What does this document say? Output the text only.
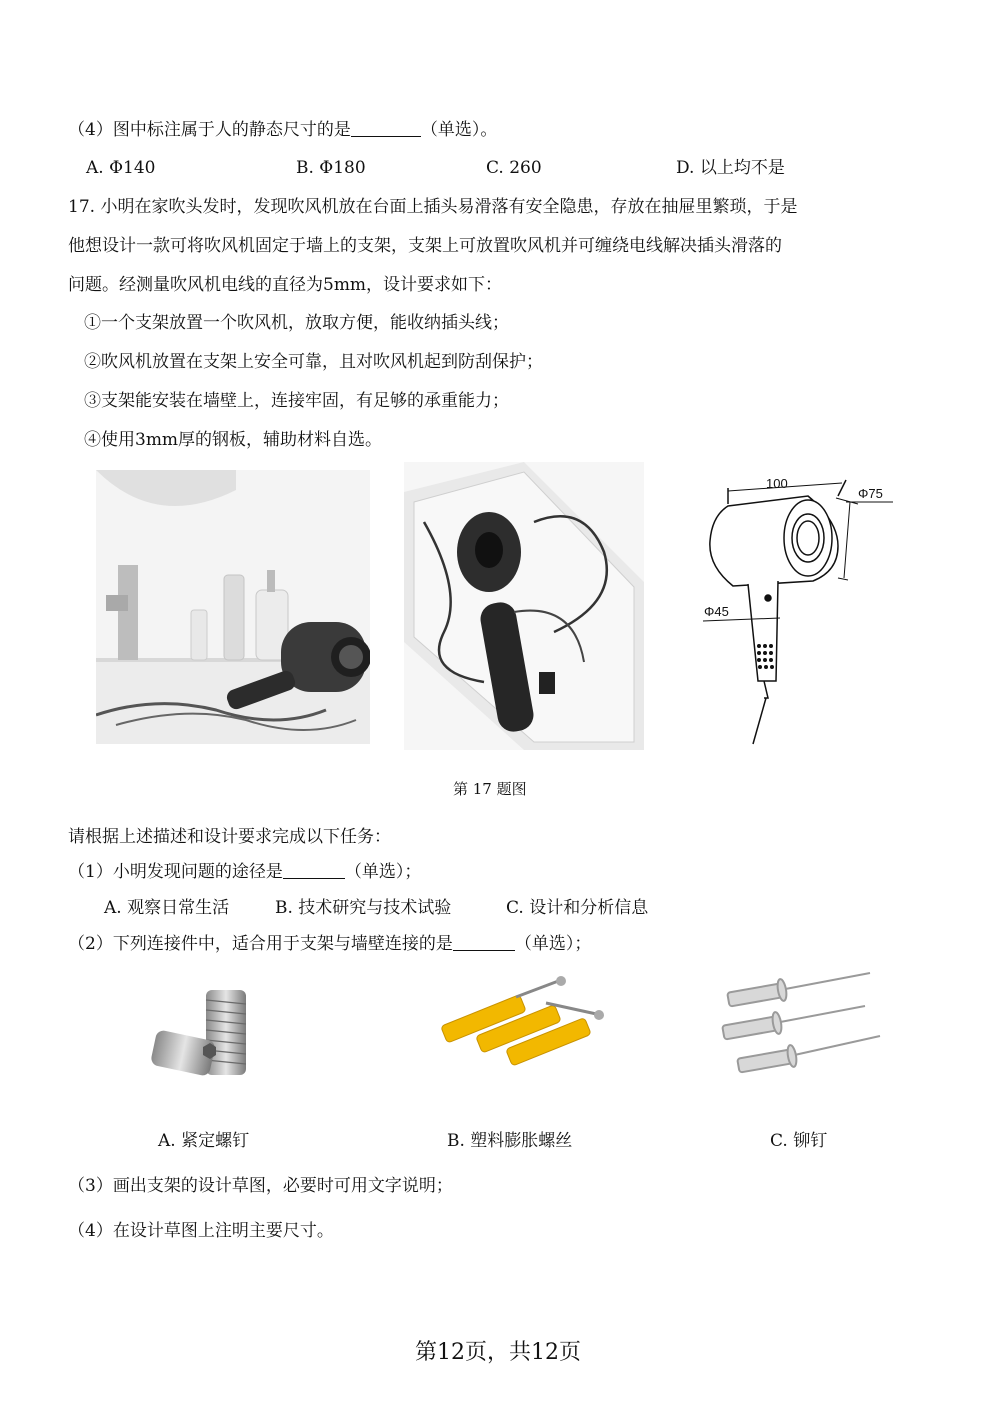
（4）图中标注属于人的静态尺寸的是	（单选）。
A. Φ140	B. Φ180	C. 260	D. 以上均不是
17. 小明在家吹头发时，发现吹风机放在台面上插头易滑落有安全隐患，存放在抽屉里繁琐，于是
他想设计一款可将吹风机固定于墙上的支架，支架上可放置吹风机并可缠绕电线解决插头滑落的
问题。经测量吹风机电线的直径为5mm，设计要求如下：
①一个支架放置一个吹风机，放取方便，能收纳插头线；
②吹风机放置在支架上安全可靠，且对吹风机起到防刮保护；
③支架能安装在墙壁上，连接牢固，有足够的承重能力；
④使用3mm厚的钢板，辅助材料自选。
100
Φ75
Φ45
第 17 题图
请根据上述描述和设计要求完成以下任务：
（1）小明发现问题的途径是	（单选）；
A. 观察日常生活	B. 技术研究与技术试验	C. 设计和分析信息
（2）下列连接件中，适合用于支架与墙壁连接的是	（单选）；
A. 紧定螺钉	B. 塑料膨胀螺丝	C. 铆钉
（3）画出支架的设计草图，必要时可用文字说明；
（4）在设计草图上注明主要尺寸。
第12页，共12页
